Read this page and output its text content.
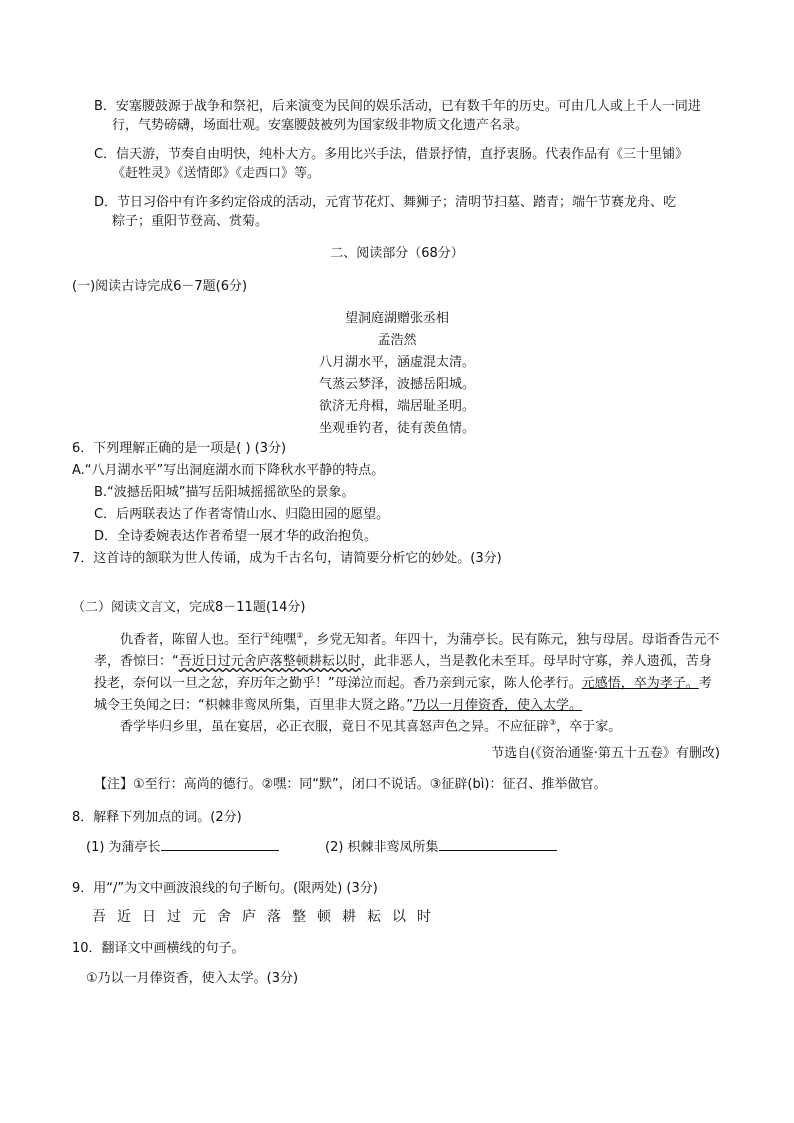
B．安塞腰鼓源于战争和祭祀，后来演变为民间的娱乐活动，已有数千年的历史。可由几人或上千人一同进
行，气势磅礴，场面壮观。安塞腰鼓被列为国家级非物质文化遗产名录。
C．信天游，节奏自由明快，纯朴大方。多用比兴手法，借景抒情，直抒衷肠。代表作品有《三十里铺》
《赶牲灵》《送情郎》《走西口》等。
D．节日习俗中有许多约定俗成的活动，元宵节花灯、舞狮子；清明节扫墓、踏青；端午节赛龙舟、吃
粽子；重阳节登高、赏菊。
二、阅读部分（68分）
(一)阅读古诗完成6－7题(6分)
望洞庭湖赠张丞相
孟浩然
八月湖水平，涵虚混太清。
气蒸云梦泽，波撼岳阳城。
欲济无舟楫，端居耻圣明。
坐观垂钓者，徒有羡鱼情。
6．下列理解正确的是一项是( ) (3分)
A.“八月湖水平”写出洞庭湖水而下降秋水平静的特点。
B.“波撼岳阳城”描写岳阳城摇摇欲坠的景象。
C．后两联表达了作者寄情山水、归隐田园的愿望。
D．全诗委婉表达作者希望一展才华的政治抱负。
7．这首诗的颔联为世人传诵，成为千古名句，请简要分析它的妙处。(3分)
（二）阅读文言文，完成8－11题(14分)
仇香者，陈留人也。至行①纯嘿②，乡党无知者。年四十，为蒲亭长。民有陈元，独与母居。母诣香告元不孝，香惊曰：“吾近日过元舍庐落整顿耕耘以时，此非恶人，当是教化未至耳。母早时守寡，养人遗孤，苦身投老，奈何以一旦之忿，弃历年之勤乎！”母涕泣而起。香乃亲到元家，陈人伦孝行。元感悟，卒为孝子。考城令王奂闻之曰：“枳棘非鸾凤所集，百里非大贤之路。”乃以一月俸资香，使入太学。
香学毕归乡里，虽在宴居，必正衣服，竟日不见其喜怒声色之异。不应征辟③，卒于家。
节选自(《资治通鉴·第五十五卷》有删改)
【注】①至行：高尚的德行。②嘿：同“默”，闭口不说话。③征辟(bì)：征召、推举做官。
8．解释下列加点的词。(2分)
(1) 为蒲亭长	(2) 枳棘非鸾凤所集
9．用“/”为文中画波浪线的句子断句。(限两处) (3分)
吾 近 日 过 元 舍 庐 落 整 顿 耕 耘 以 时
10．翻译文中画横线的句子。
①乃以一月俸资香，使入太学。(3分)
